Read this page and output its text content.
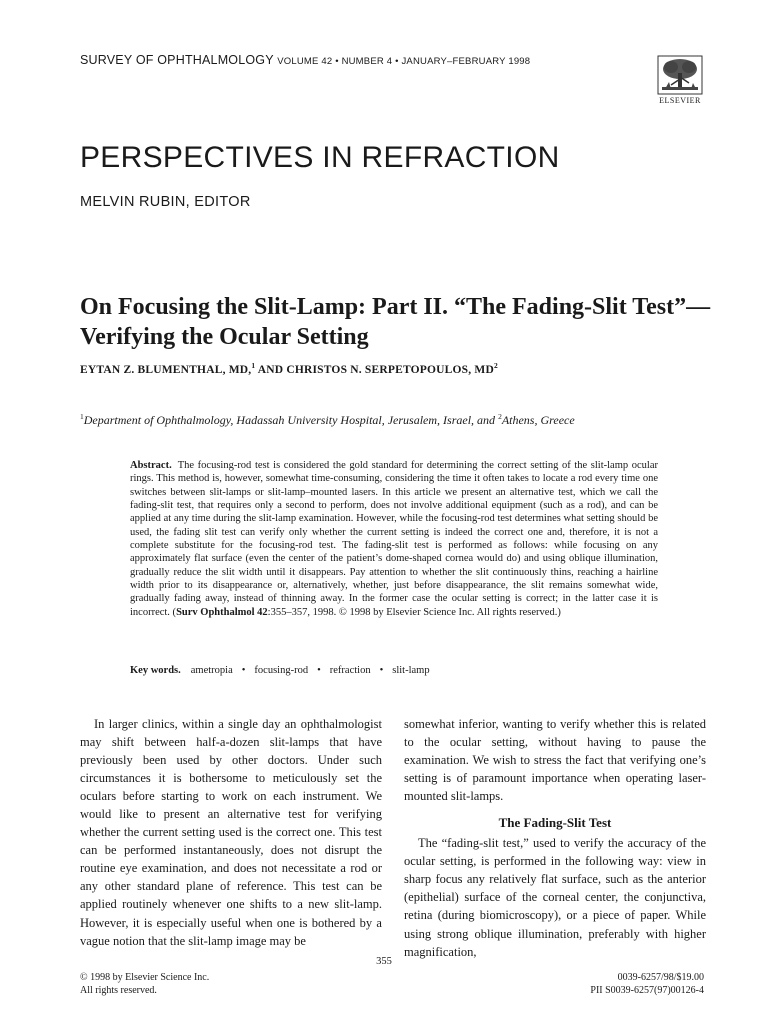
SURVEY OF OPHTHALMOLOGY VOLUME 42 • NUMBER 4 • JANUARY–FEBRUARY 1998
ELSEVIER
PERSPECTIVES IN REFRACTION
MELVIN RUBIN, EDITOR
On Focusing the Slit-Lamp: Part II. “The Fading-Slit Test”—Verifying the Ocular Setting
EYTAN Z. BLUMENTHAL, MD,$^1$ AND CHRISTOS N. SERPETOPOULOS, $MD^2$
$^1$Department of Ophthalmology, Hadassah University Hospital, Jerusalem, Israel, and $^2$Athens, Greece
Abstract. The focusing-rod test is considered the gold standard for determining the correct setting of the slit-lamp ocular rings. This method is, however, somewhat time-consuming, considering the time it often takes to locate a rod every time one switches between slit-lamps or slit-lamp–mounted lasers. In this article we present an alternative test, which we call the fading-slit test, that requires only a second to perform, does not involve additional equipment (such as a rod), and can be applied at any time during the slit-lamp examination. However, while the focusing-rod test determines what setting should be used, the fading slit test can verify only whether the current setting is indeed the correct one and, therefore, it is not a complete substitute for the focusing-rod test. The fading-slit test is performed as follows: while focusing on any approximately flat surface (even the center of the patient’s dome-shaped cornea would do) and using oblique illumination, gradually reduce the slit width until it disappears. Pay attention to whether the slit continuously thins, reaching a hairline width prior to its disappearance or, alternatively, whether, just before disappearance, the slit remains somewhat wide, gradually fading away, instead of thinning away. In the former case the ocular setting is correct; in the latter case it is incorrect. (Surv Ophthalmol 42:355–357, 1998. © 1998 by Elsevier Science Inc. All rights reserved.)
Key words. ametropia • focusing-rod • refraction • slit-lamp

In larger clinics, within a single day an ophthalmologist may shift between half-a-dozen slit-lamps that have previously been used by other doctors. Under such circumstances it is bothersome to meticulously set the oculars before starting to work on each instrument. We would like to present an alternative test for verifying whether the current setting used is the correct one. This test can be performed instantaneously, does not disrupt the routine eye examination, and does not necessitate a rod or any other standard plane of reference. This test can be applied routinely whenever one shifts to a new slit-lamp. However, it is especially useful when one is bothered by a vague notion that the slit-lamp image may be

somewhat inferior, wanting to verify whether this is related to the ocular setting, without having to pause the examination. We wish to stress the fact that verifying one’s setting is of paramount importance when operating laser-mounted slit-lamps.

The Fading-Slit Test

The “fading-slit test,” used to verify the accuracy of the ocular setting, is performed in the following way: view in sharp focus any relatively flat surface, such as the anterior (epithelial) surface of the corneal center, the conjunctiva, retina (during biomicroscopy), or a piece of paper. While using strong oblique illumination, preferably with higher magnification,

355
© 1998 by Elsevier Science Inc.
All rights reserved.
0039-6257/98/$19.00
PII S0039-6257(97)00126-4
